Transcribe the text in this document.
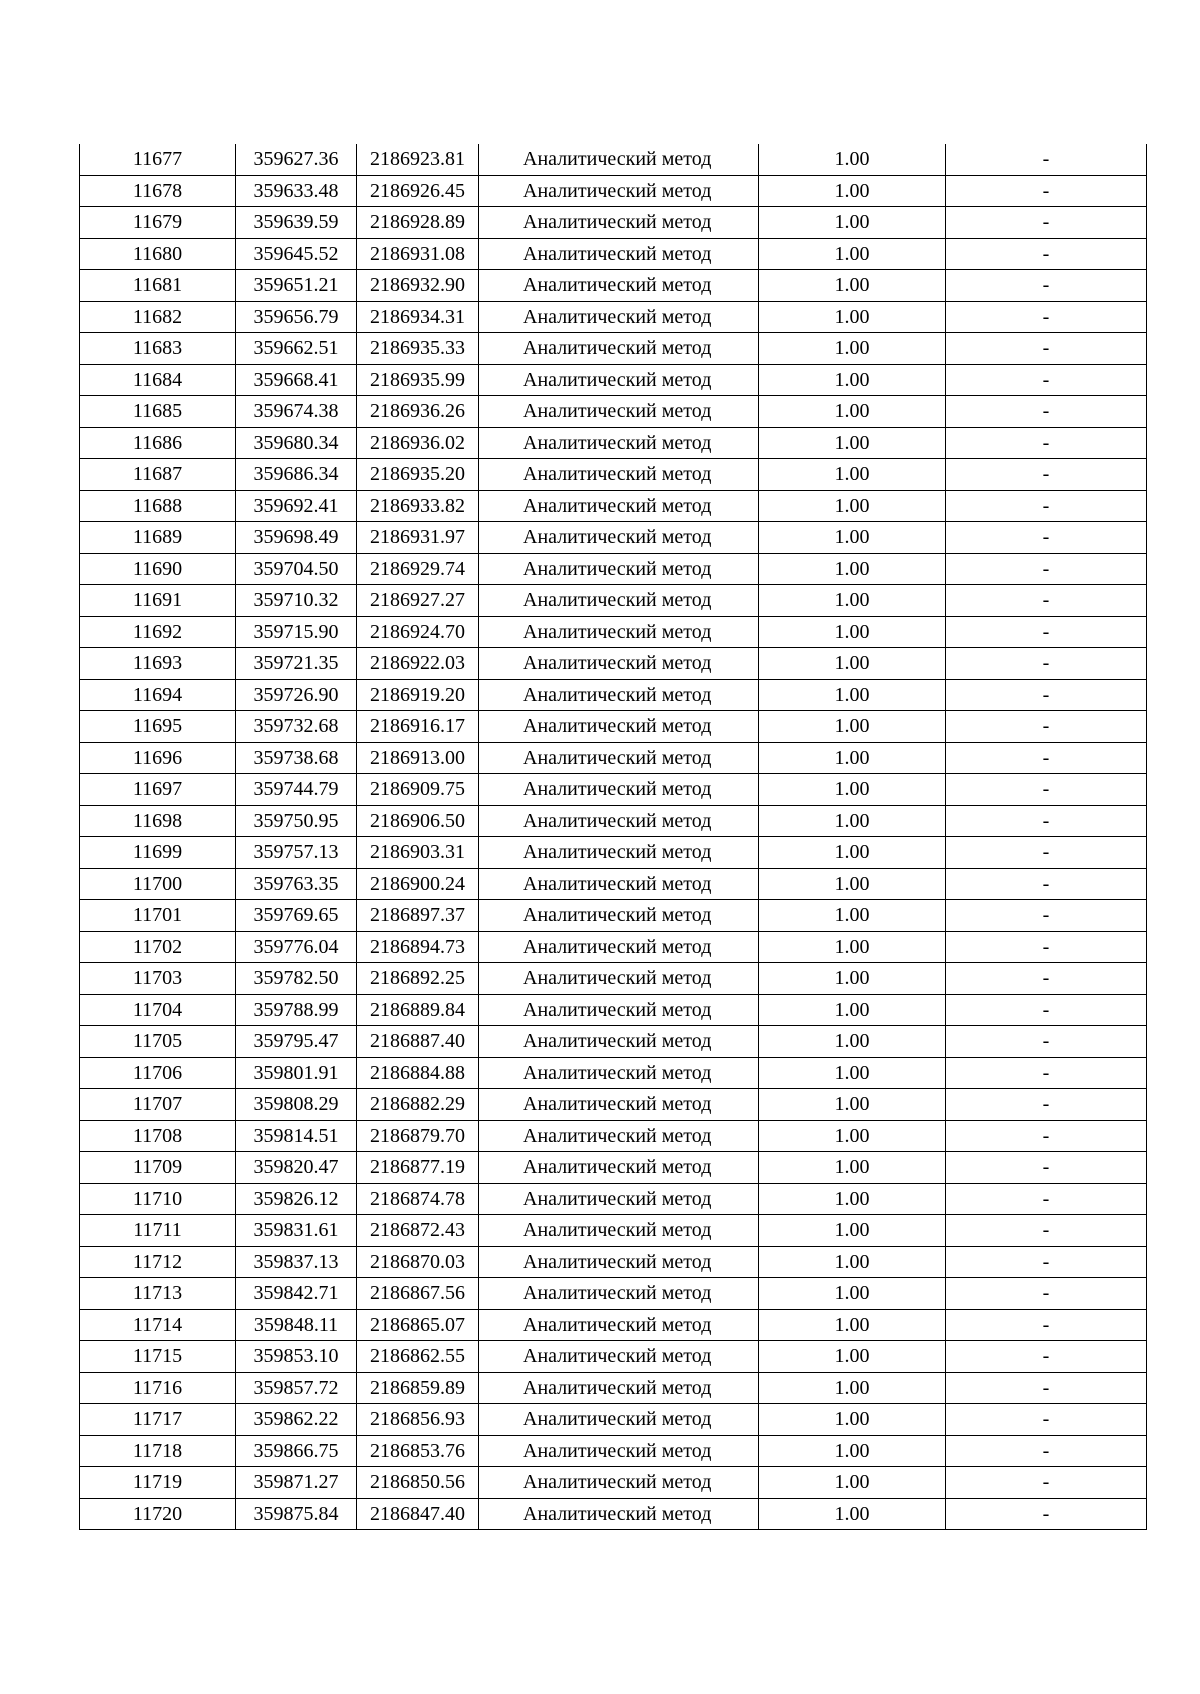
11677	359627.36	2186923.81	Аналитический метод	1.00	-
11678	359633.48	2186926.45	Аналитический метод	1.00	-
11679	359639.59	2186928.89	Аналитический метод	1.00	-
11680	359645.52	2186931.08	Аналитический метод	1.00	-
11681	359651.21	2186932.90	Аналитический метод	1.00	-
11682	359656.79	2186934.31	Аналитический метод	1.00	-
11683	359662.51	2186935.33	Аналитический метод	1.00	-
11684	359668.41	2186935.99	Аналитический метод	1.00	-
11685	359674.38	2186936.26	Аналитический метод	1.00	-
11686	359680.34	2186936.02	Аналитический метод	1.00	-
11687	359686.34	2186935.20	Аналитический метод	1.00	-
11688	359692.41	2186933.82	Аналитический метод	1.00	-
11689	359698.49	2186931.97	Аналитический метод	1.00	-
11690	359704.50	2186929.74	Аналитический метод	1.00	-
11691	359710.32	2186927.27	Аналитический метод	1.00	-
11692	359715.90	2186924.70	Аналитический метод	1.00	-
11693	359721.35	2186922.03	Аналитический метод	1.00	-
11694	359726.90	2186919.20	Аналитический метод	1.00	-
11695	359732.68	2186916.17	Аналитический метод	1.00	-
11696	359738.68	2186913.00	Аналитический метод	1.00	-
11697	359744.79	2186909.75	Аналитический метод	1.00	-
11698	359750.95	2186906.50	Аналитический метод	1.00	-
11699	359757.13	2186903.31	Аналитический метод	1.00	-
11700	359763.35	2186900.24	Аналитический метод	1.00	-
11701	359769.65	2186897.37	Аналитический метод	1.00	-
11702	359776.04	2186894.73	Аналитический метод	1.00	-
11703	359782.50	2186892.25	Аналитический метод	1.00	-
11704	359788.99	2186889.84	Аналитический метод	1.00	-
11705	359795.47	2186887.40	Аналитический метод	1.00	-
11706	359801.91	2186884.88	Аналитический метод	1.00	-
11707	359808.29	2186882.29	Аналитический метод	1.00	-
11708	359814.51	2186879.70	Аналитический метод	1.00	-
11709	359820.47	2186877.19	Аналитический метод	1.00	-
11710	359826.12	2186874.78	Аналитический метод	1.00	-
11711	359831.61	2186872.43	Аналитический метод	1.00	-
11712	359837.13	2186870.03	Аналитический метод	1.00	-
11713	359842.71	2186867.56	Аналитический метод	1.00	-
11714	359848.11	2186865.07	Аналитический метод	1.00	-
11715	359853.10	2186862.55	Аналитический метод	1.00	-
11716	359857.72	2186859.89	Аналитический метод	1.00	-
11717	359862.22	2186856.93	Аналитический метод	1.00	-
11718	359866.75	2186853.76	Аналитический метод	1.00	-
11719	359871.27	2186850.56	Аналитический метод	1.00	-
11720	359875.84	2186847.40	Аналитический метод	1.00	-
